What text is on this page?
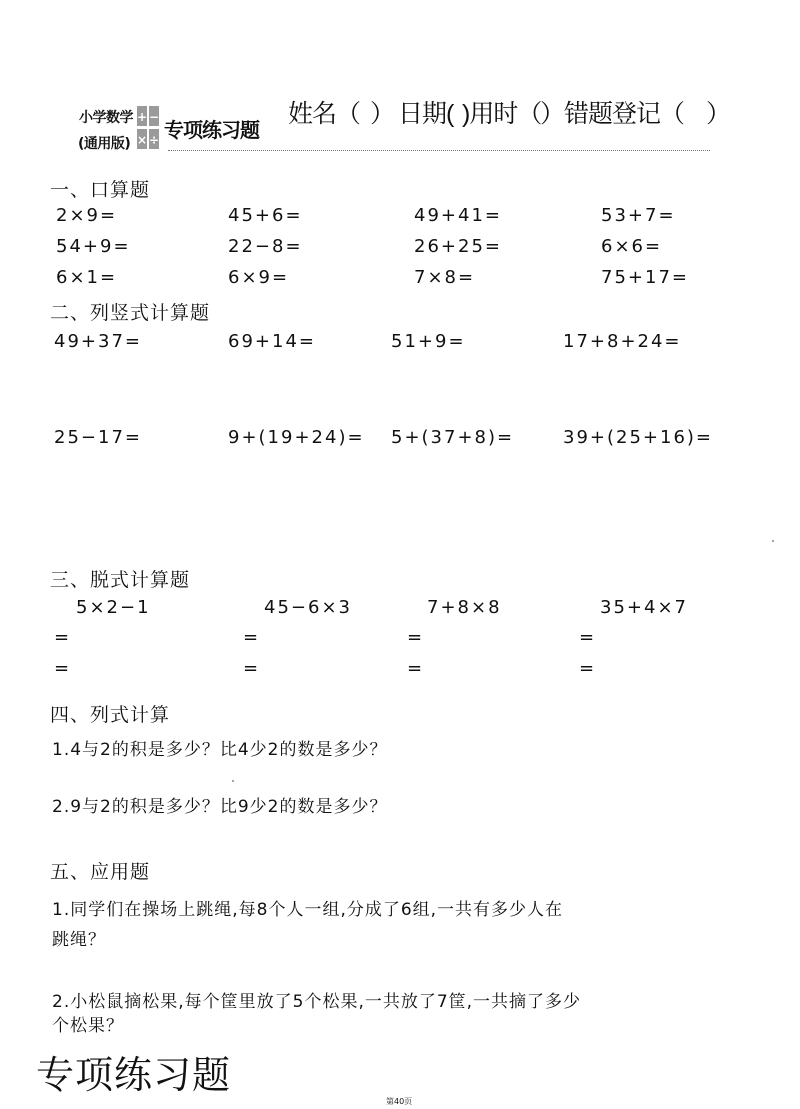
小学数学
(通用版)
+ −
× ÷ 专项练习题
姓名（ ） 日期( )用时（
） 错题登记（ ）
一、口算题
2×9=	45+6=	49+41=	53+7=
54+9=	22−8=	26+25=	6×6=
6×1=	6×9=	7×8=	75+17=
二、列竖式计算题
49+37=	69+14=	51+9=	17+8+24=
25−17=	9+(19+24)= 5+(37+8)=	39+(25+16)=
三、脱式计算题
5×2−1	45−6×3	7+8×8	35+4×7
=	=	=	=
=	=	=	=
四、列式计算
1.4与2的积是多少？比4少2的数是多少？
2.9与2的积是多少？比9少2的数是多少？
五、应用题
1.同学们在操场上跳绳,每8个人一组,分成了6组,一共有多少人在
跳绳？
2.小松鼠摘松果,每个筐里放了5个松果,一共放了7筐,一共摘了多少
个松果？
专项练习题
第40页
